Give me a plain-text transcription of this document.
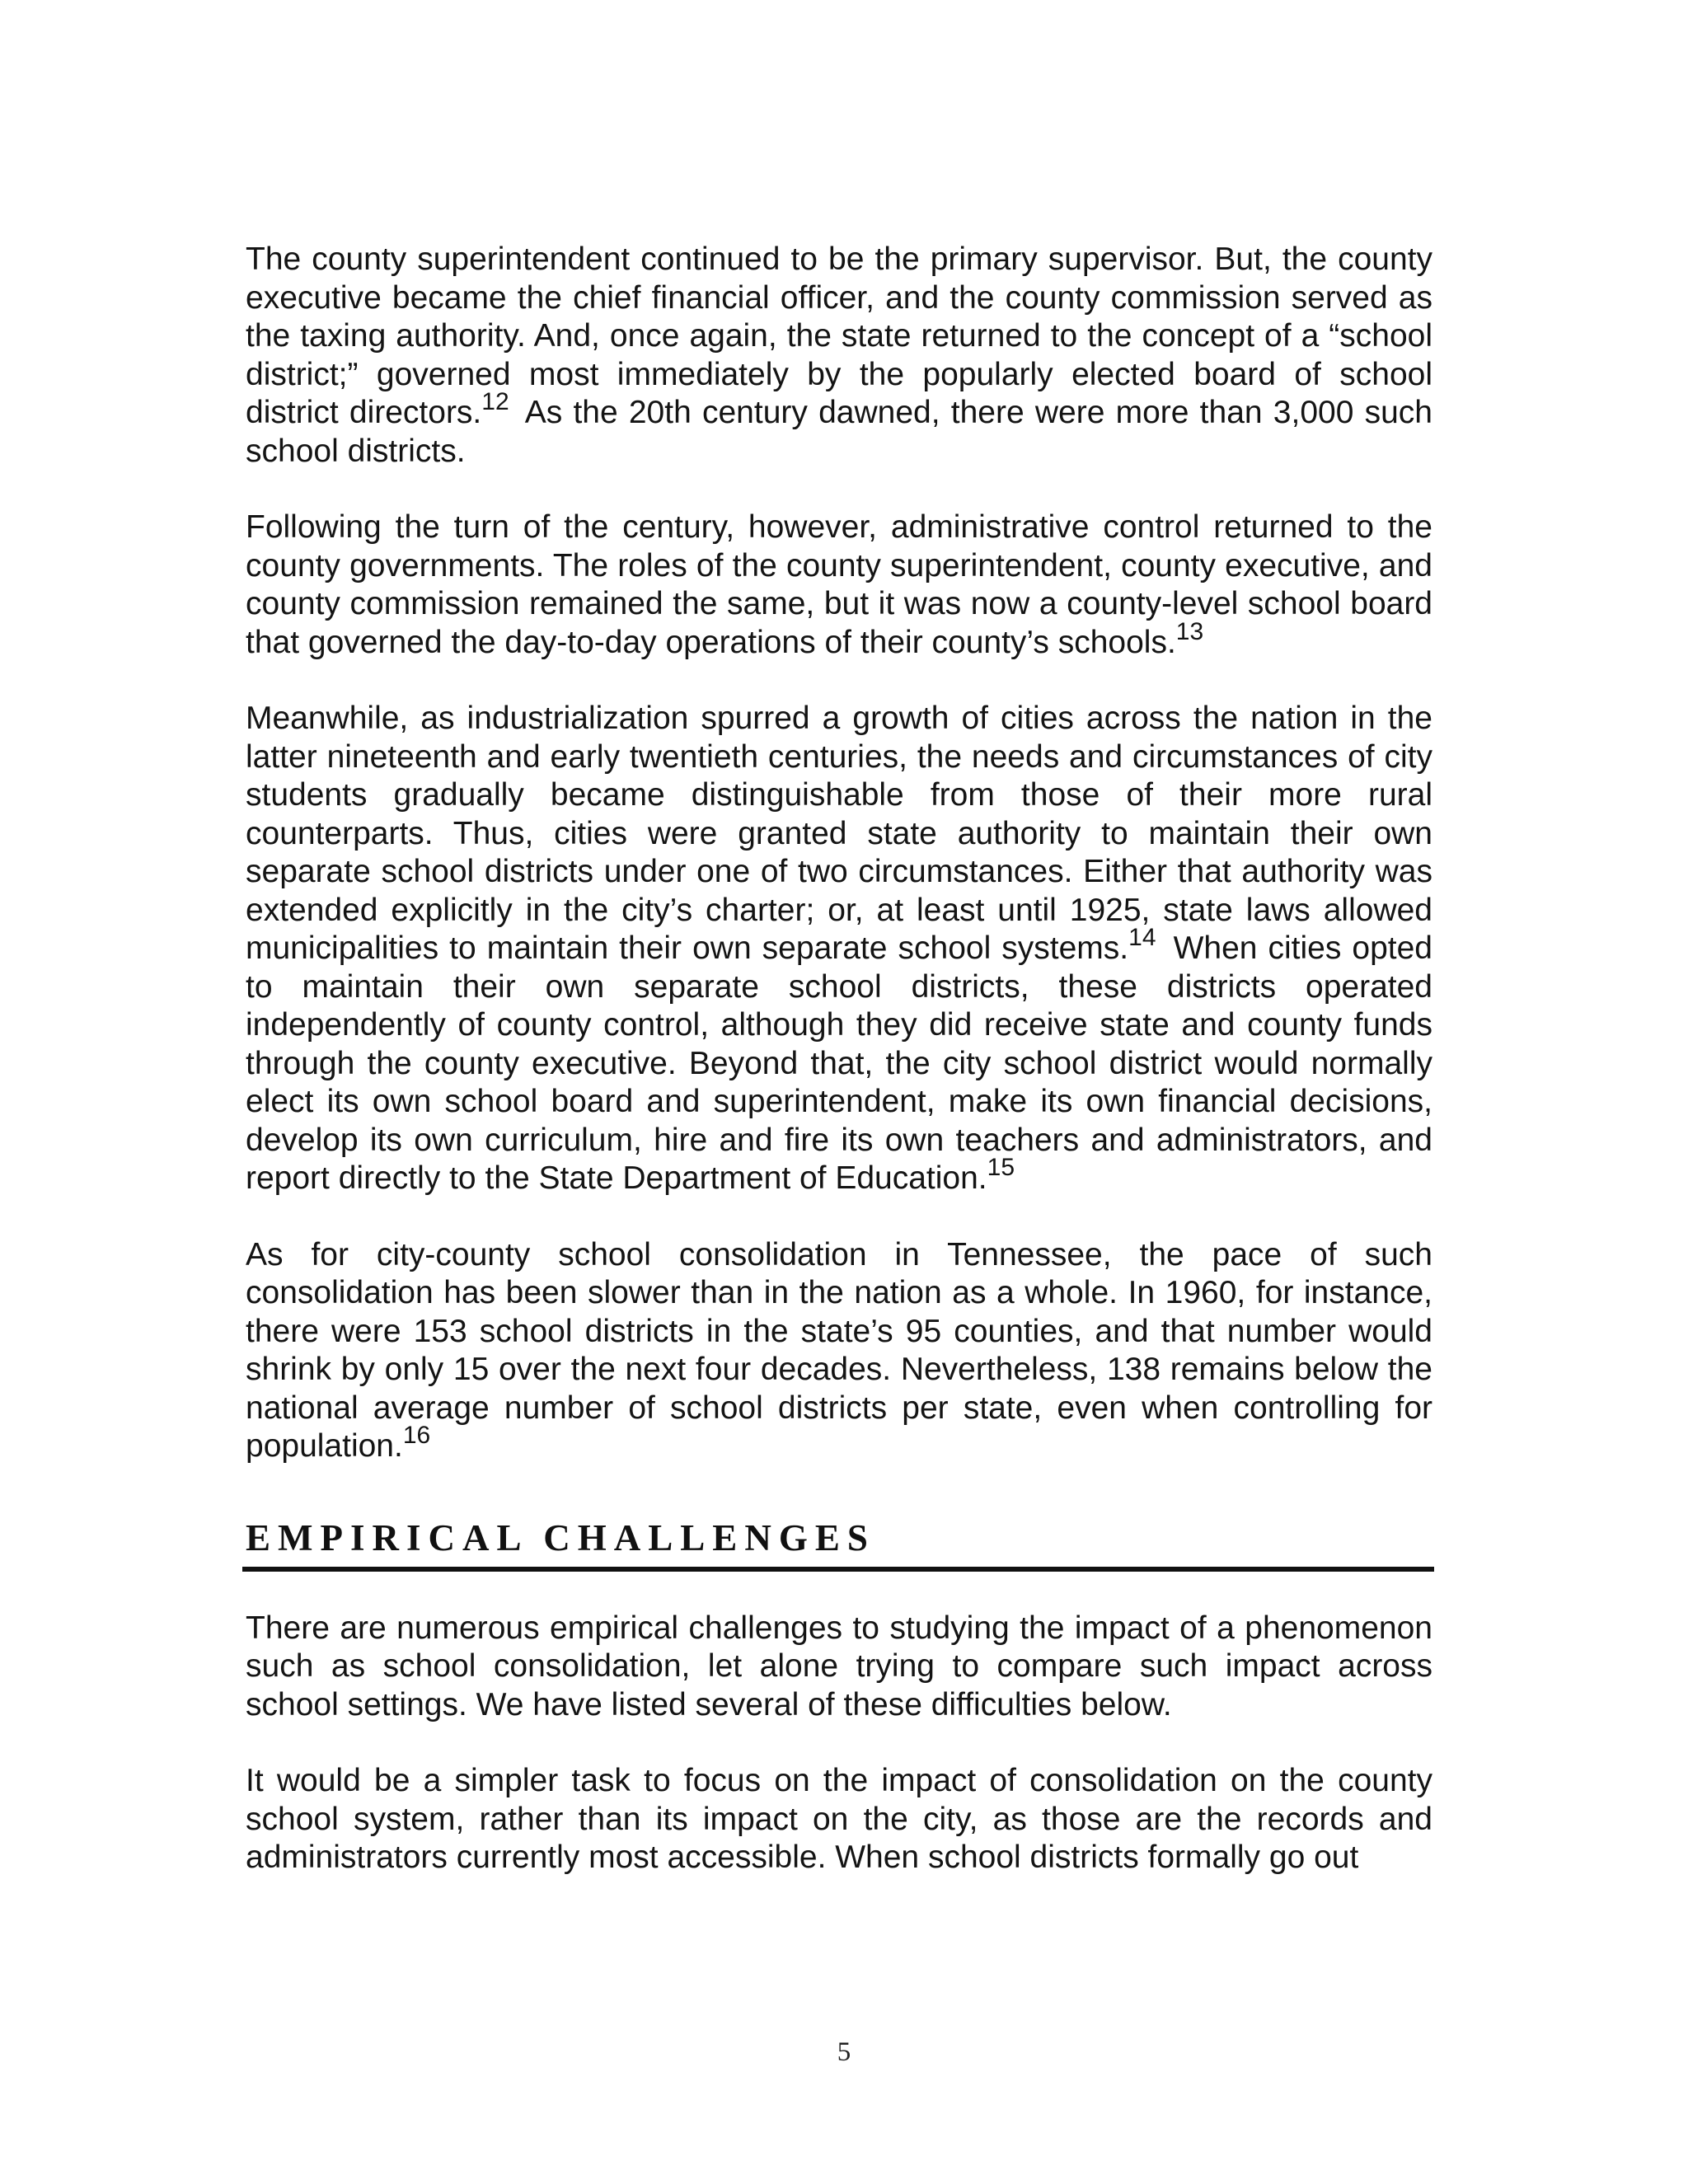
The county superintendent continued to be the primary supervisor. But, the county executive became the chief financial officer, and the county commission served as the taxing authority. And, once again, the state returned to the concept of a “school district;” governed most immediately by the popularly elected board of school district directors.$^{12}$ As the 20th century dawned, there were more than 3,000 such school districts.

Following the turn of the century, however, administrative control returned to the county governments. The roles of the county superintendent, county executive, and county commission remained the same, but it was now a county-level school board that governed the day-to-day operations of their county’s schools.$^{13}$

Meanwhile, as industrialization spurred a growth of cities across the nation in the latter nineteenth and early twentieth centuries, the needs and circumstances of city students gradually became distinguishable from those of their more rural counterparts. Thus, cities were granted state authority to maintain their own separate school districts under one of two circumstances. Either that authority was extended explicitly in the city’s charter; or, at least until 1925, state laws allowed municipalities to maintain their own separate school systems.$^{14}$ When cities opted to maintain their own separate school districts, these districts operated independently of county control, although they did receive state and county funds through the county executive. Beyond that, the city school district would normally elect its own school board and superintendent, make its own financial decisions, develop its own curriculum, hire and fire its own teachers and administrators, and report directly to the State Department of Education.$^{15}$

As for city-county school consolidation in Tennessee, the pace of such consolidation has been slower than in the nation as a whole. In 1960, for instance, there were 153 school districts in the state’s 95 counties, and that number would shrink by only 15 over the next four decades. Nevertheless, 138 remains below the national average number of school districts per state, even when controlling for population.$^{16}$

EMPIRICAL CHALLENGES

There are numerous empirical challenges to studying the impact of a phenomenon such as school consolidation, let alone trying to compare such impact across school settings. We have listed several of these difficulties below.

It would be a simpler task to focus on the impact of consolidation on the county school system, rather than its impact on the city, as those are the records and administrators currently most accessible. When school districts formally go out

5
